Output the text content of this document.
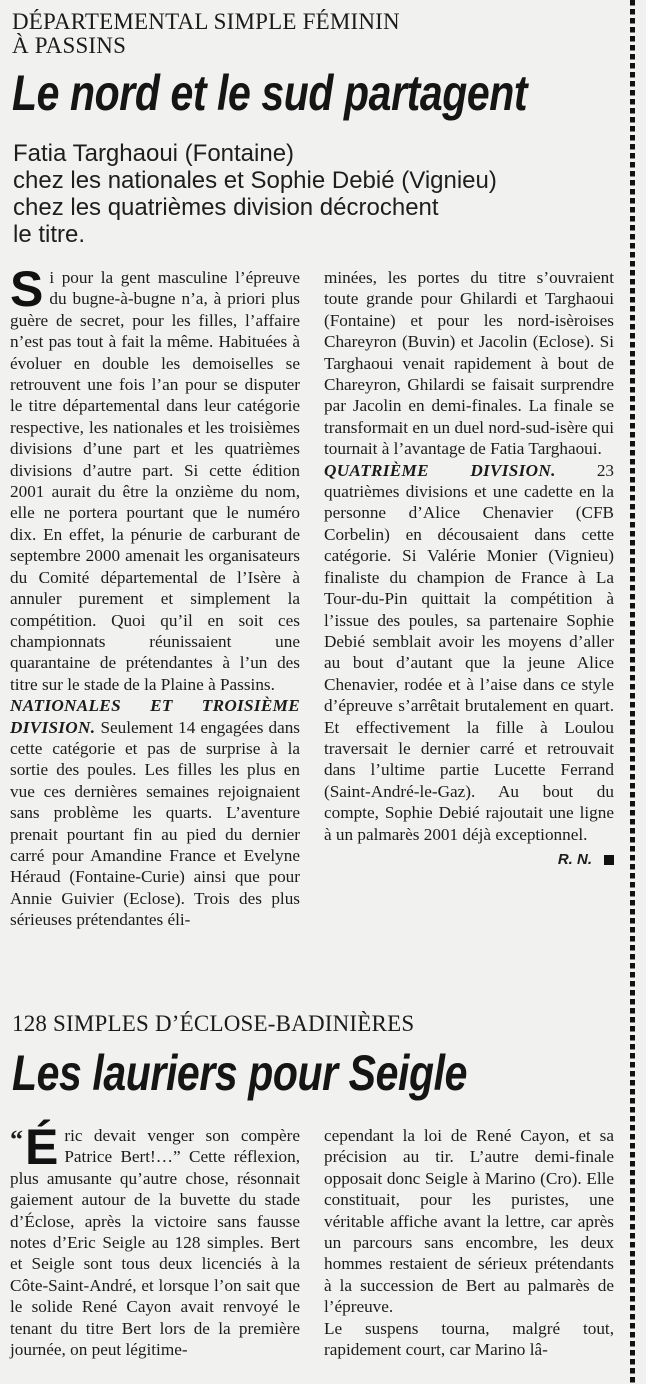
DÉPARTEMENTAL SIMPLE FÉMININ
À PASSINS
Le nord et le sud partagent
Fatia Targhaoui (Fontaine)
chez les nationales et Sophie Debié (Vignieu)
chez les quatrièmes division décrochent
le titre.

Si pour la gent masculine l’épreuve du bugne-à-bugne n’a, à priori plus guère de secret, pour les filles, l’affaire n’est pas tout à fait la même. Habituées à évoluer en double les demoiselles se retrouvent une fois l’an pour se disputer le titre départemental dans leur catégorie respective, les nationales et les troisièmes divisions d’une part et les quatrièmes divisions d’autre part. Si cette édition 2001 aurait du être la onzième du nom, elle ne portera pourtant que le numéro dix. En effet, la pénurie de carburant de septembre 2000 amenait les organisateurs du Comité départemental de l’Isère à annuler purement et simplement la compétition. Quoi qu’il en soit ces championnats réunissaient une quarantaine de prétendantes à l’un des titre sur le stade de la Plaine à Passins.

NATIONALES ET TROISIÈME DIVISION. Seulement 14 engagées dans cette catégorie et pas de surprise à la sortie des poules. Les filles les plus en vue ces dernières semaines rejoignaient sans problème les quarts. L’aventure prenait pourtant fin au pied du dernier carré pour Amandine France et Evelyne Héraud (Fontaine-Curie) ainsi que pour Annie Guivier (Eclose). Trois des plus sérieuses prétendantes éli-

minées, les portes du titre s’ouvraient toute grande pour Ghilardi et Targhaoui (Fontaine) et pour les nord-isèroises Chareyron (Buvin) et Jacolin (Eclose). Si Targhaoui venait rapidement à bout de Chareyron, Ghilardi se faisait surprendre par Jacolin en demi-finales. La finale se transformait en un duel nord-sud-isère qui tournait à l’avantage de Fatia Targhaoui.

QUATRIÈME DIVISION. 23 quatrièmes divisions et une cadette en la personne d’Alice Chenavier (CFB Corbelin) en décousaient dans cette catégorie. Si Valérie Monier (Vignieu) finaliste du champion de France à La Tour-du-Pin quittait la compétition à l’issue des poules, sa partenaire Sophie Debié semblait avoir les moyens d’aller au bout d’autant que la jeune Alice Chenavier, rodée et à l’aise dans ce style d’épreuve s’arrêtait brutalement en quart. Et effectivement la fille à Loulou traversait le dernier carré et retrouvait dans l’ultime partie Lucette Ferrand (Saint-André-le-Gaz). Au bout du compte, Sophie Debié rajoutait une ligne à un palmarès 2001 déjà exceptionnel.

R. N.
128 SIMPLES D’ÉCLOSE-BADINIÈRES
Les lauriers pour Seigle

“ É ric devait venger son compère Patrice Bert!…” Cette réflexion, plus amusante qu’autre chose, résonnait gaiement autour de la buvette du stade d’Éclose, après la victoire sans fausse notes d’Eric Seigle au 128 simples. Bert et Seigle sont tous deux licenciés à la Côte-Saint-André, et lorsque l’on sait que le solide René Cayon avait renvoyé le tenant du titre Bert lors de la première journée, on peut légitime-

cependant la loi de René Cayon, et sa précision au tir. L’autre demi-finale opposait donc Seigle à Marino (Cro). Elle constituait, pour les puristes, une véritable affiche avant la lettre, car après un parcours sans encombre, les deux hommes restaient de sérieux prétendants à la succession de Bert au palmarès de l’épreuve.

Le suspens tourna, malgré tout, rapidement court, car Marino lâ-
